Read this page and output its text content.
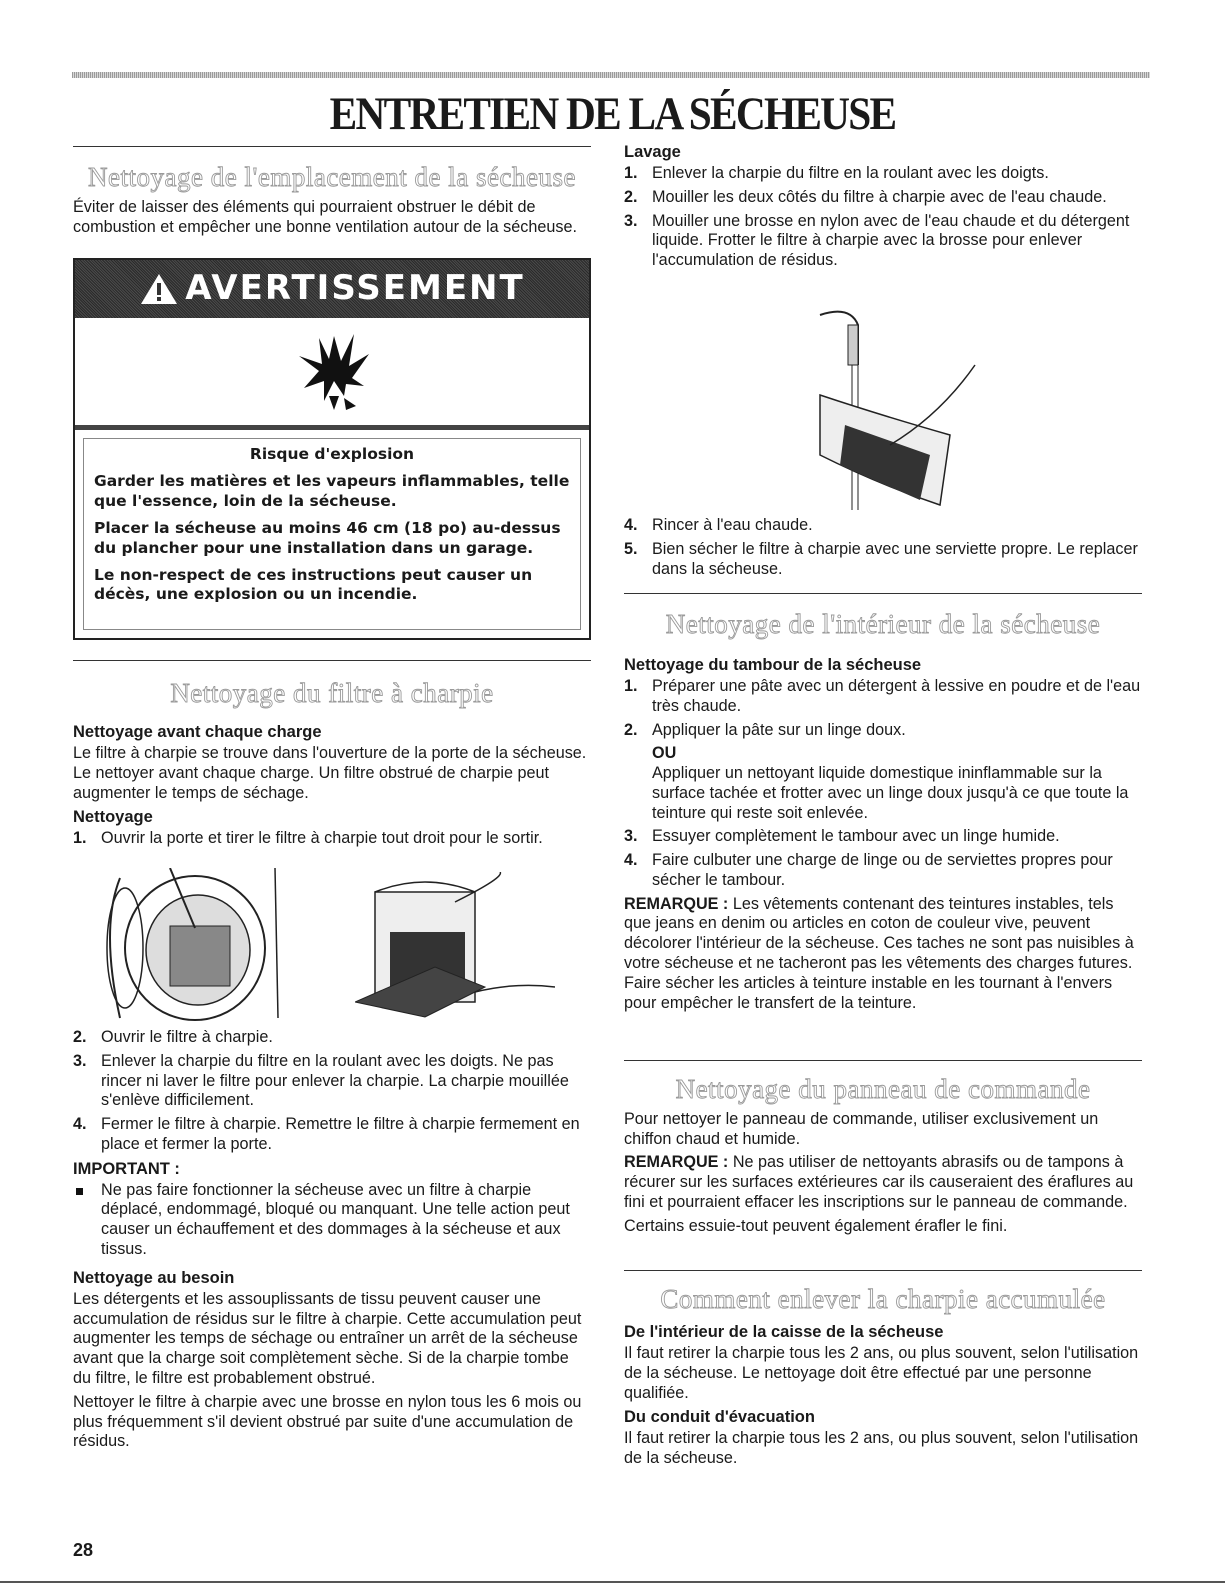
ENTRETIEN DE LA SÉCHEUSE
Nettoyage de l'emplacement de la sécheuse

Éviter de laisser des éléments qui pourraient obstruer le débit de combustion et empêcher une bonne ventilation autour de la sécheuse.

AVERTISSEMENT

Risque d'explosion

Garder les matières et les vapeurs inflammables, telle que l'essence, loin de la sécheuse.

Placer la sécheuse au moins 46 cm (18 po) au-dessus du plancher pour une installation dans un garage.

Le non-respect de ces instructions peut causer un décès, une explosion ou un incendie.

Nettoyage du filtre à charpie
Nettoyage avant chaque charge

Le filtre à charpie se trouve dans l'ouverture de la porte de la sécheuse. Le nettoyer avant chaque charge. Un filtre obstrué de charpie peut augmenter le temps de séchage.

Nettoyage
1. Ouvrir la porte et tirer le filtre à charpie tout droit pour le sortir.
2. Ouvrir le filtre à charpie.
3. Enlever la charpie du filtre en la roulant avec les doigts. Ne pas rincer ni laver le filtre pour enlever la charpie. La charpie mouillée s'enlève difficilement.
4. Fermer le filtre à charpie. Remettre le filtre à charpie fermement en place et fermer la porte.
IMPORTANT :
Ne pas faire fonctionner la sécheuse avec un filtre à charpie déplacé, endommagé, bloqué ou manquant. Une telle action peut causer un échauffement et des dommages à la sécheuse et aux tissus.
Nettoyage au besoin

Les détergents et les assouplissants de tissu peuvent causer une accumulation de résidus sur le filtre à charpie. Cette accumulation peut augmenter les temps de séchage ou entraîner un arrêt de la sécheuse avant que la charge soit complètement sèche. Si de la charpie tombe du filtre, le filtre est probablement obstrué.

Nettoyer le filtre à charpie avec une brosse en nylon tous les 6 mois ou plus fréquemment s'il devient obstrué par suite d'une accumulation de résidus.

28
Lavage
1. Enlever la charpie du filtre en la roulant avec les doigts.
2. Mouiller les deux côtés du filtre à charpie avec de l'eau chaude.
3. Mouiller une brosse en nylon avec de l'eau chaude et du détergent liquide. Frotter le filtre à charpie avec la brosse pour enlever l'accumulation de résidus.
4. Rincer à l'eau chaude.
5. Bien sécher le filtre à charpie avec une serviette propre. Le replacer dans la sécheuse.
Nettoyage de l'intérieur de la sécheuse
Nettoyage du tambour de la sécheuse
1. Préparer une pâte avec un détergent à lessive en poudre et de l'eau très chaude.
2. Appliquer la pâte sur un linge doux.
OU
Appliquer un nettoyant liquide domestique ininflammable sur la surface tachée et frotter avec un linge doux jusqu'à ce que toute la teinture qui reste soit enlevée.
3. Essuyer complètement le tambour avec un linge humide.
4. Faire culbuter une charge de linge ou de serviettes propres pour sécher le tambour.

REMARQUE : Les vêtements contenant des teintures instables, tels que jeans en denim ou articles en coton de couleur vive, peuvent décolorer l'intérieur de la sécheuse. Ces taches ne sont pas nuisibles à votre sécheuse et ne tacheront pas les vêtements des charges futures. Faire sécher les articles à teinture instable en les tournant à l'envers pour empêcher le transfert de la teinture.

Nettoyage du panneau de commande

Pour nettoyer le panneau de commande, utiliser exclusivement un chiffon chaud et humide.

REMARQUE : Ne pas utiliser de nettoyants abrasifs ou de tampons à récurer sur les surfaces extérieures car ils causeraient des éraflures au fini et pourraient effacer les inscriptions sur le panneau de commande.

Certains essuie-tout peuvent également érafler le fini.

Comment enlever la charpie accumulée
De l'intérieur de la caisse de la sécheuse

Il faut retirer la charpie tous les 2 ans, ou plus souvent, selon l'utilisation de la sécheuse. Le nettoyage doit être effectué par une personne qualifiée.

Du conduit d'évacuation

Il faut retirer la charpie tous les 2 ans, ou plus souvent, selon l'utilisation de la sécheuse.
